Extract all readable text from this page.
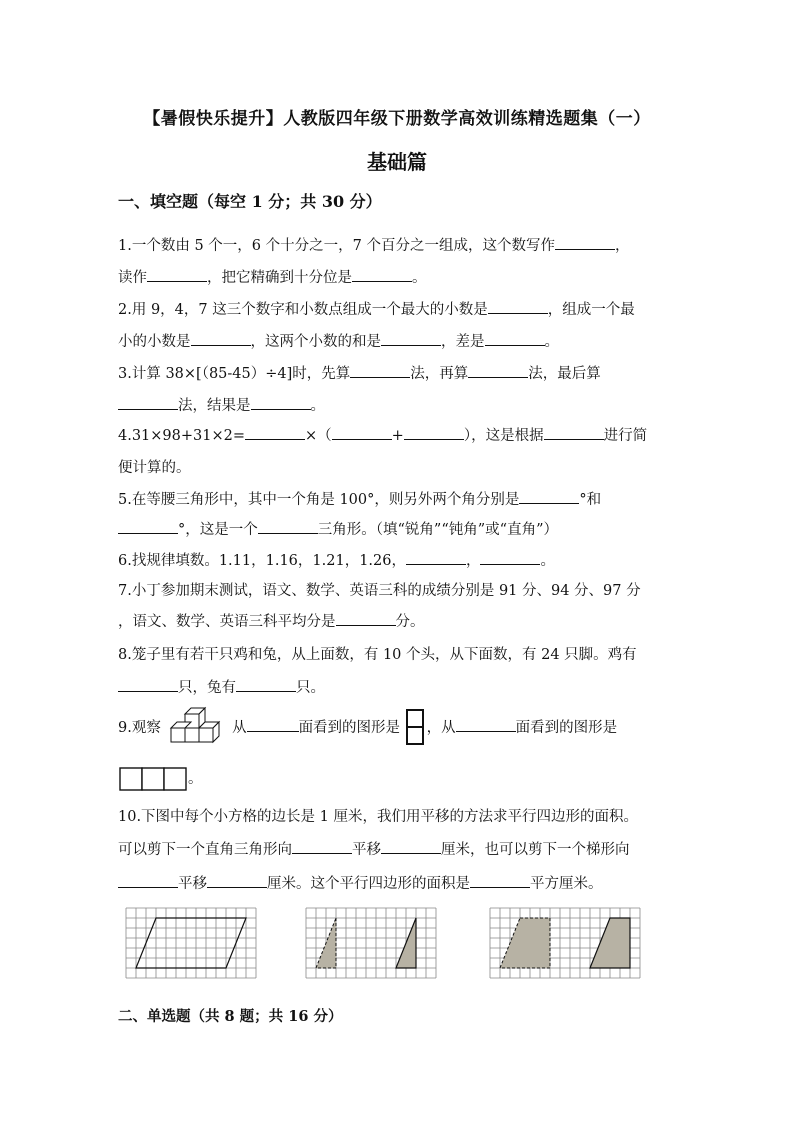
【暑假快乐提升】人教版四年级下册数学高效训练精选题集（一）
基础篇
一、填空题（每空 1 分；共 30 分）
1.一个数由 5 个一，6 个十分之一，7 个百分之一组成，这个数写作	，
读作	，把它精确到十分位是	。
2.用 9，4，7 这三个数字和小数点组成一个最大的小数是	，组成一个最
小的小数是	，这两个小数的和是	，差是	。
3.计算 38×[（85-45）÷4]时，先算	法，再算	法，最后算
法，结果是	。
4.31×98+31×2=	×（	+	），这是根据	进行简
便计算的。
5.在等腰三角形中，其中一个角是 100°，则另外两个角分别是	°和
°，这是一个	三角形。（填“锐角”“钝角”或“直角”）
6.找规律填数。1.11，1.16，1.21，1.26，	，	。
7.小丁参加期末测试，语文、数学、英语三科的成绩分别是 91 分、94 分、97 分
，语文、数学、英语三科平均分是	分。
8.笼子里有若干只鸡和兔，从上面数，有 10 个头，从下面数，有 24 只脚。鸡有
只，兔有	只。
9.观察	从	面看到的图形是 ，从	面看到的图形是
。
10.下图中每个小方格的边长是 1 厘米，我们用平移的方法求平行四边形的面积。
可以剪下一个直角三角形向	平移	厘米，也可以剪下一个梯形向
平移	厘米。这个平行四边形的面积是	平方厘米。
二、单选题（共 8 题；共 16 分）
